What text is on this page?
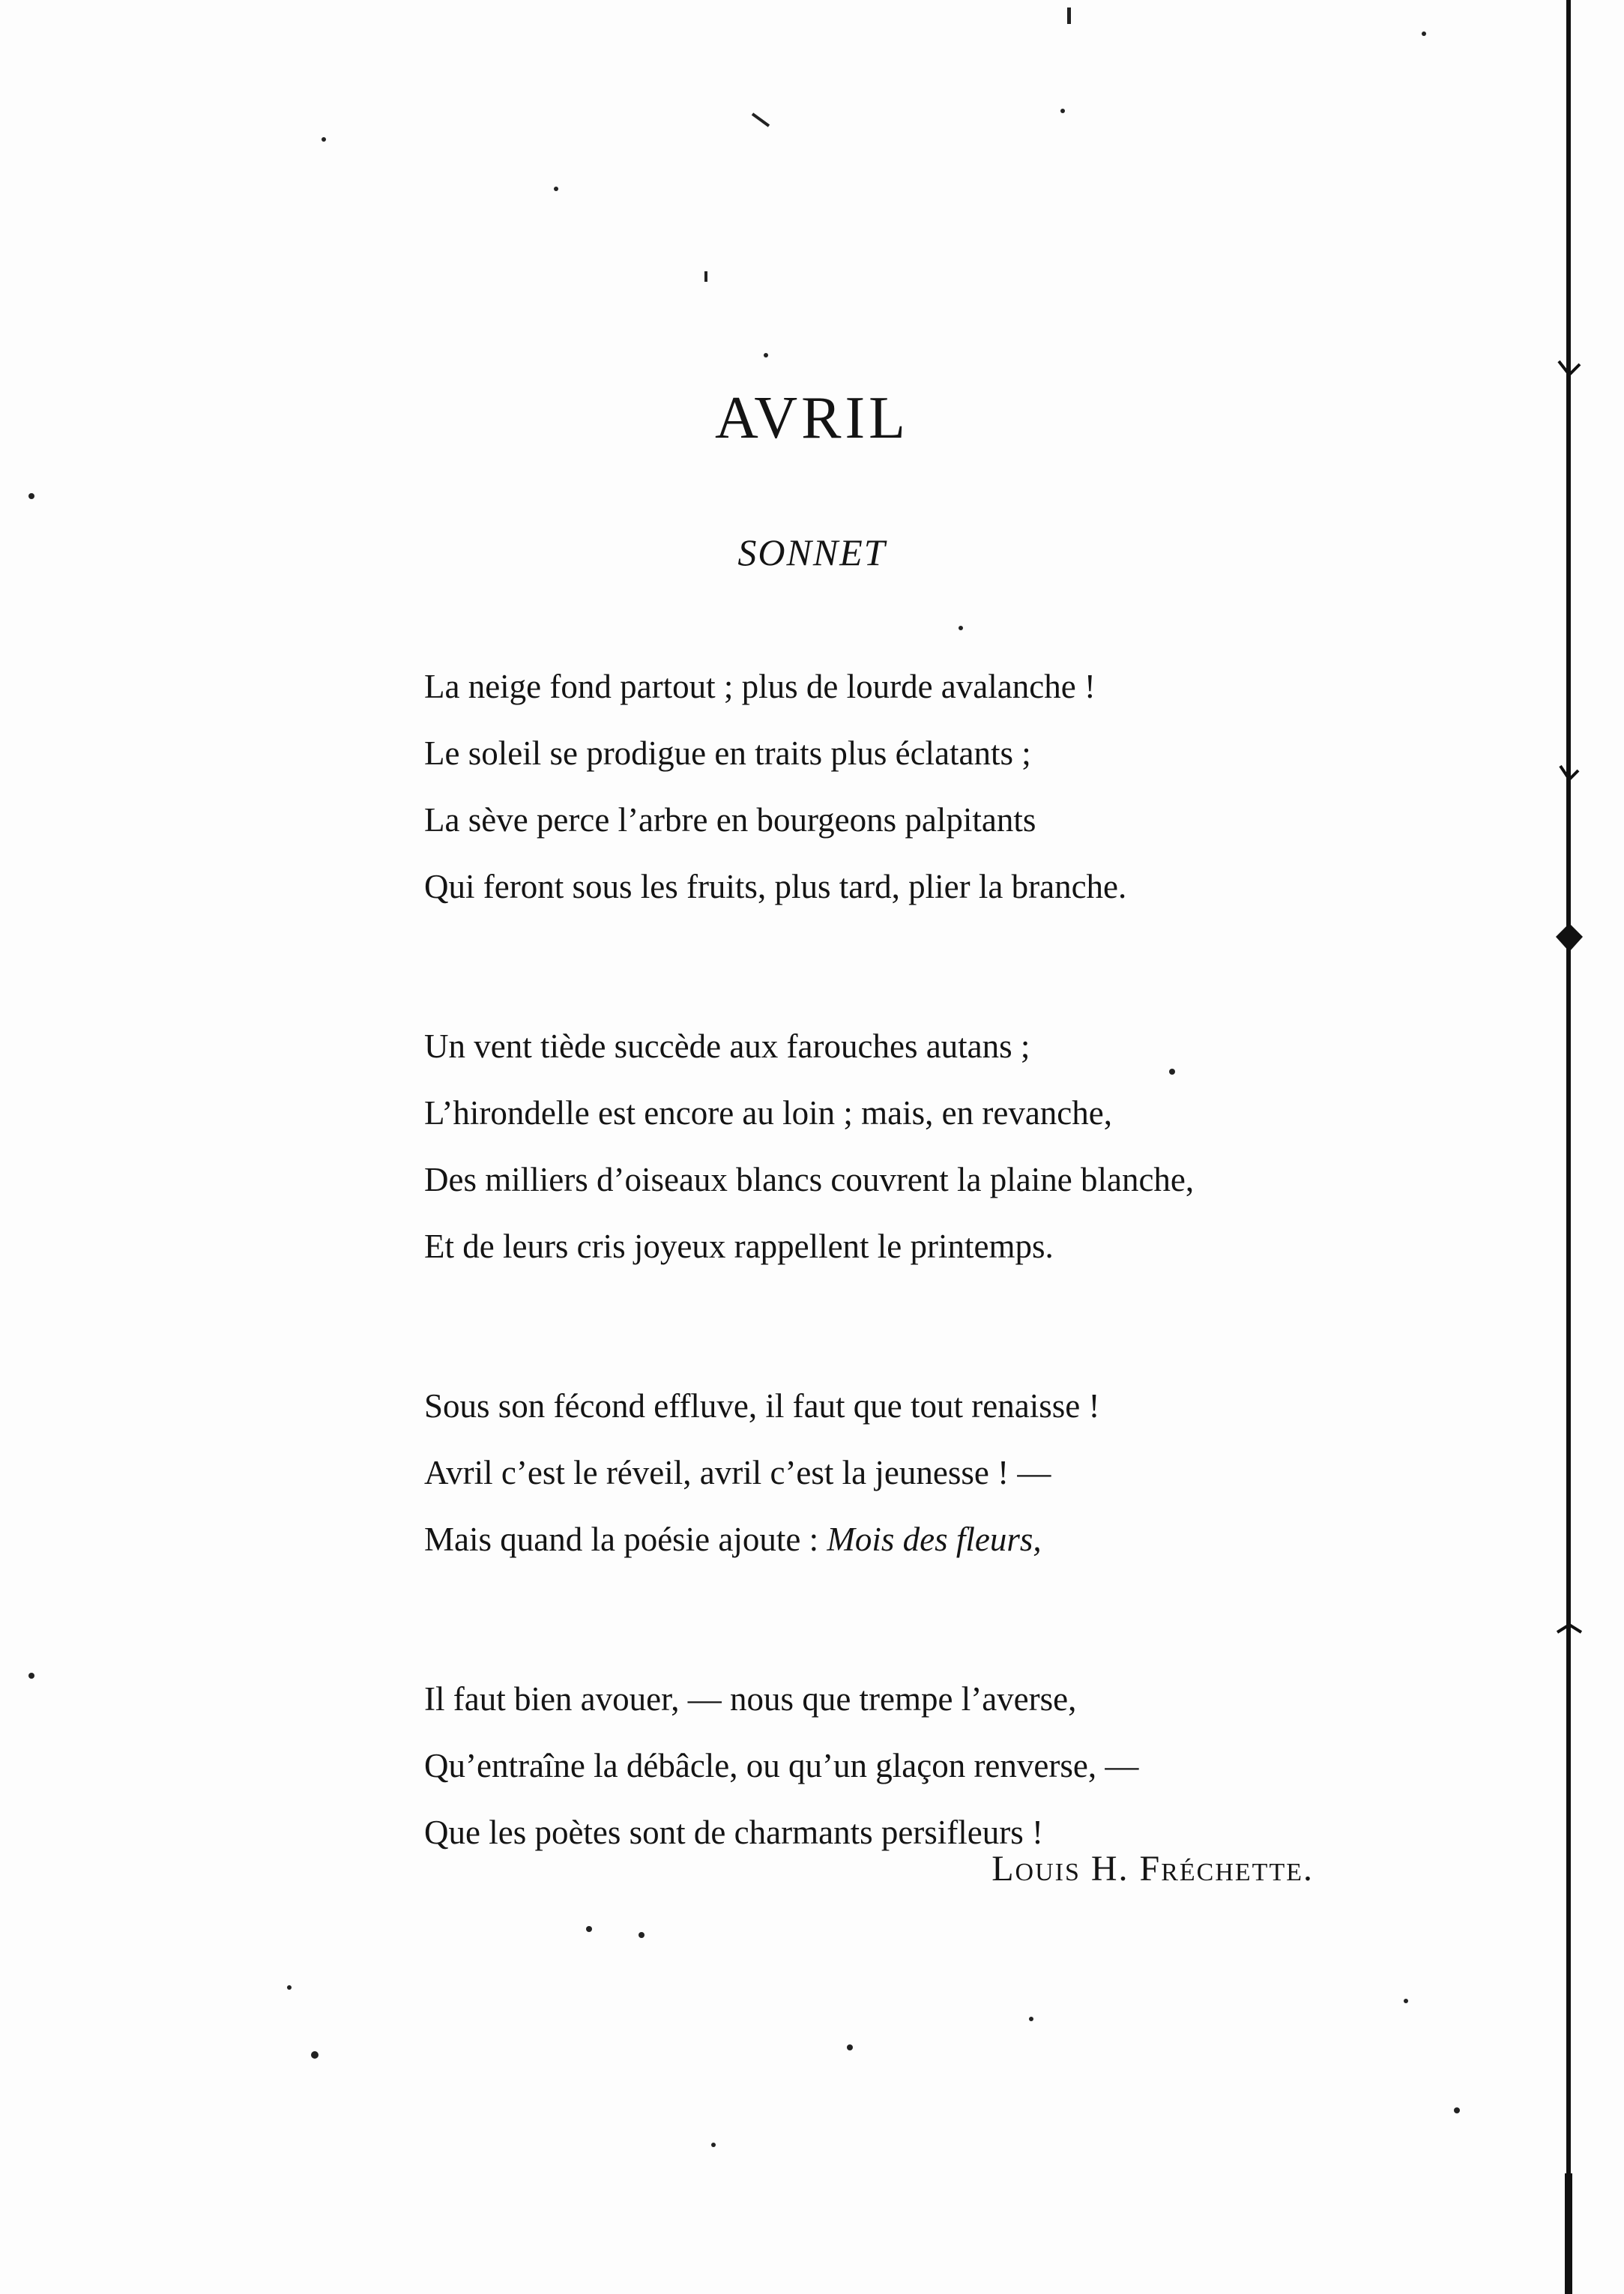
AVRIL
SONNET
La neige fond partout ; plus de lourde avalanche !
Le soleil se prodigue en traits plus éclatants ;
La sève perce l’arbre en bourgeons palpitants
Qui feront sous les fruits, plus tard, plier la branche.
Un vent tiède succède aux farouches autans ;
L’hirondelle est encore au loin ; mais, en revanche,
Des milliers d’oiseaux blancs couvrent la plaine blanche,
Et de leurs cris joyeux rappellent le printemps.
Sous son fécond effluve, il faut que tout renaisse !
Avril c’est le réveil, avril c’est la jeunesse ! —
Mais quand la poésie ajoute : Mois des fleurs,
Il faut bien avouer, — nous que trempe l’averse,
Qu’entraîne la débâcle, ou qu’un glaçon renverse, —
Que les poètes sont de charmants persifleurs !
Louis H. Fréchette.
